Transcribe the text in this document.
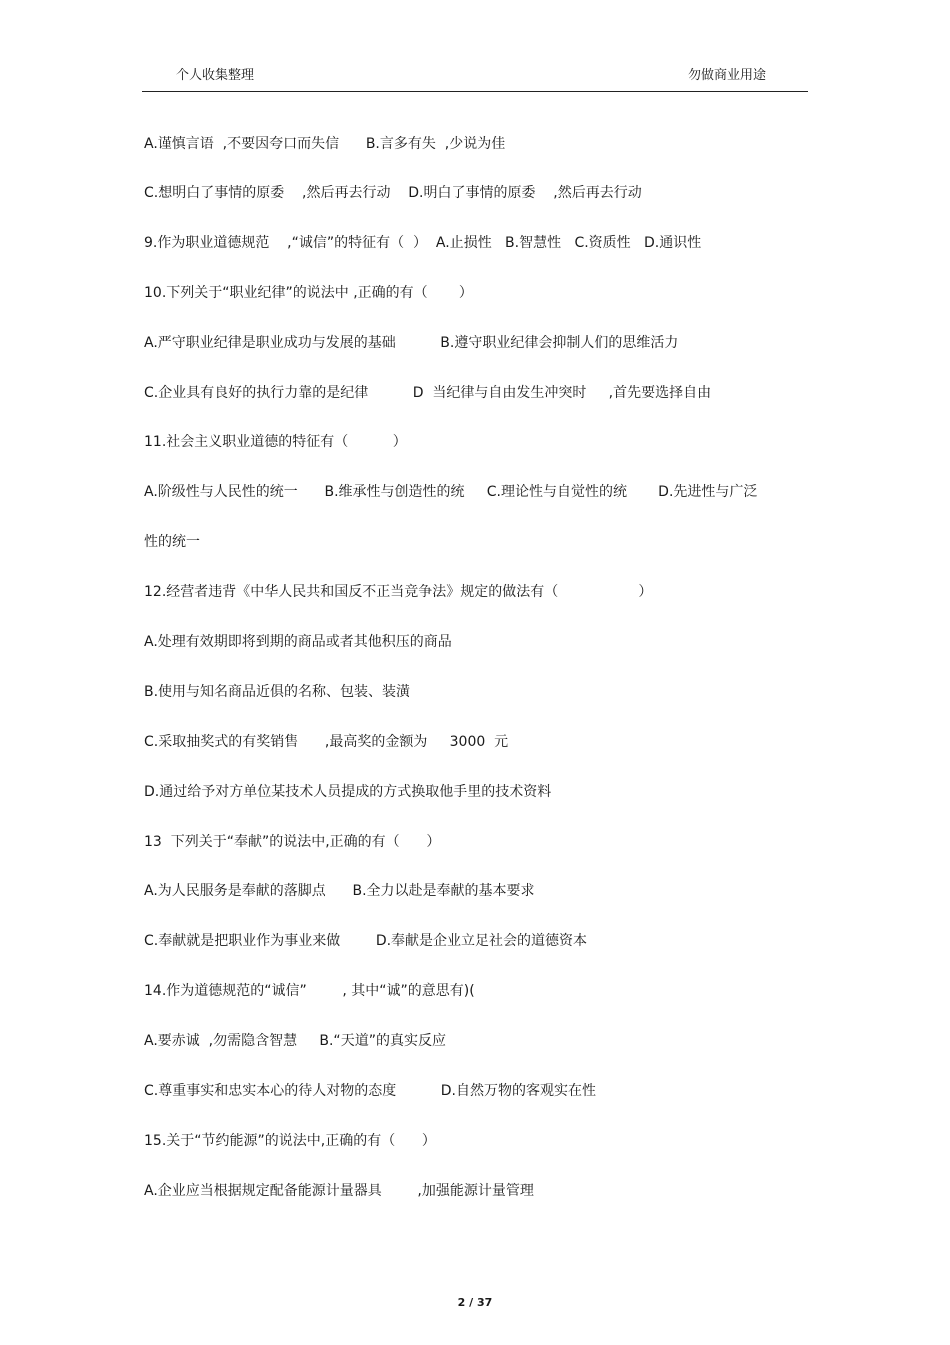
个人收集整理	勿做商业用途
A.谨慎言语  ,不要因夸口而失信      B.言多有失  ,少说为佳
C.想明白了事情的原委    ,然后再去行动    D.明白了事情的原委    ,然后再去行动
9.作为职业道德规范    ,“诚信”的特征有（  ）  A.止损性   B.智慧性   C.资质性   D.通识性
10.下列关于“职业纪律”的说法中 ,正确的有（       ）
A.严守职业纪律是职业成功与发展的基础          B.遵守职业纪律会抑制人们的思维活力
C.企业具有良好的执行力靠的是纪律          D  当纪律与自由发生冲突时     ,首先要选择自由
11.社会主义职业道德的特征有（          ）
A.阶级性与人民性的统一      B.维承性与创造性的统     C.理论性与自觉性的统       D.先进性与广泛
性的统一
12.经营者违背《中华人民共和国反不正当竞争法》规定的做法有（                  ）
A.处理有效期即将到期的商品或者其他积压的商品
B.使用与知名商品近俱的名称、包装、装潢
C.采取抽奖式的有奖销售      ,最高奖的金额为     3000  元
D.通过给予对方单位某技术人员提成的方式换取他手里的技术资料
13  下列关于“奉献”的说法中,正确的有（      ）
A.为人民服务是奉献的落脚点      B.全力以赴是奉献的基本要求
C.奉献就是把职业作为事业来做        D.奉献是企业立足社会的道德资本
14.作为道德规范的“诚信”        , 其中“诚”的意思有)(
A.要赤诚  ,勿需隐含智慧     B.“天道”的真实反应
C.尊重事实和忠实本心的待人对物的态度          D.自然万物的客观实在性
15.关于“节约能源”的说法中,正确的有（      ）
A.企业应当根据规定配备能源计量器具        ,加强能源计量管理
2 / 37
